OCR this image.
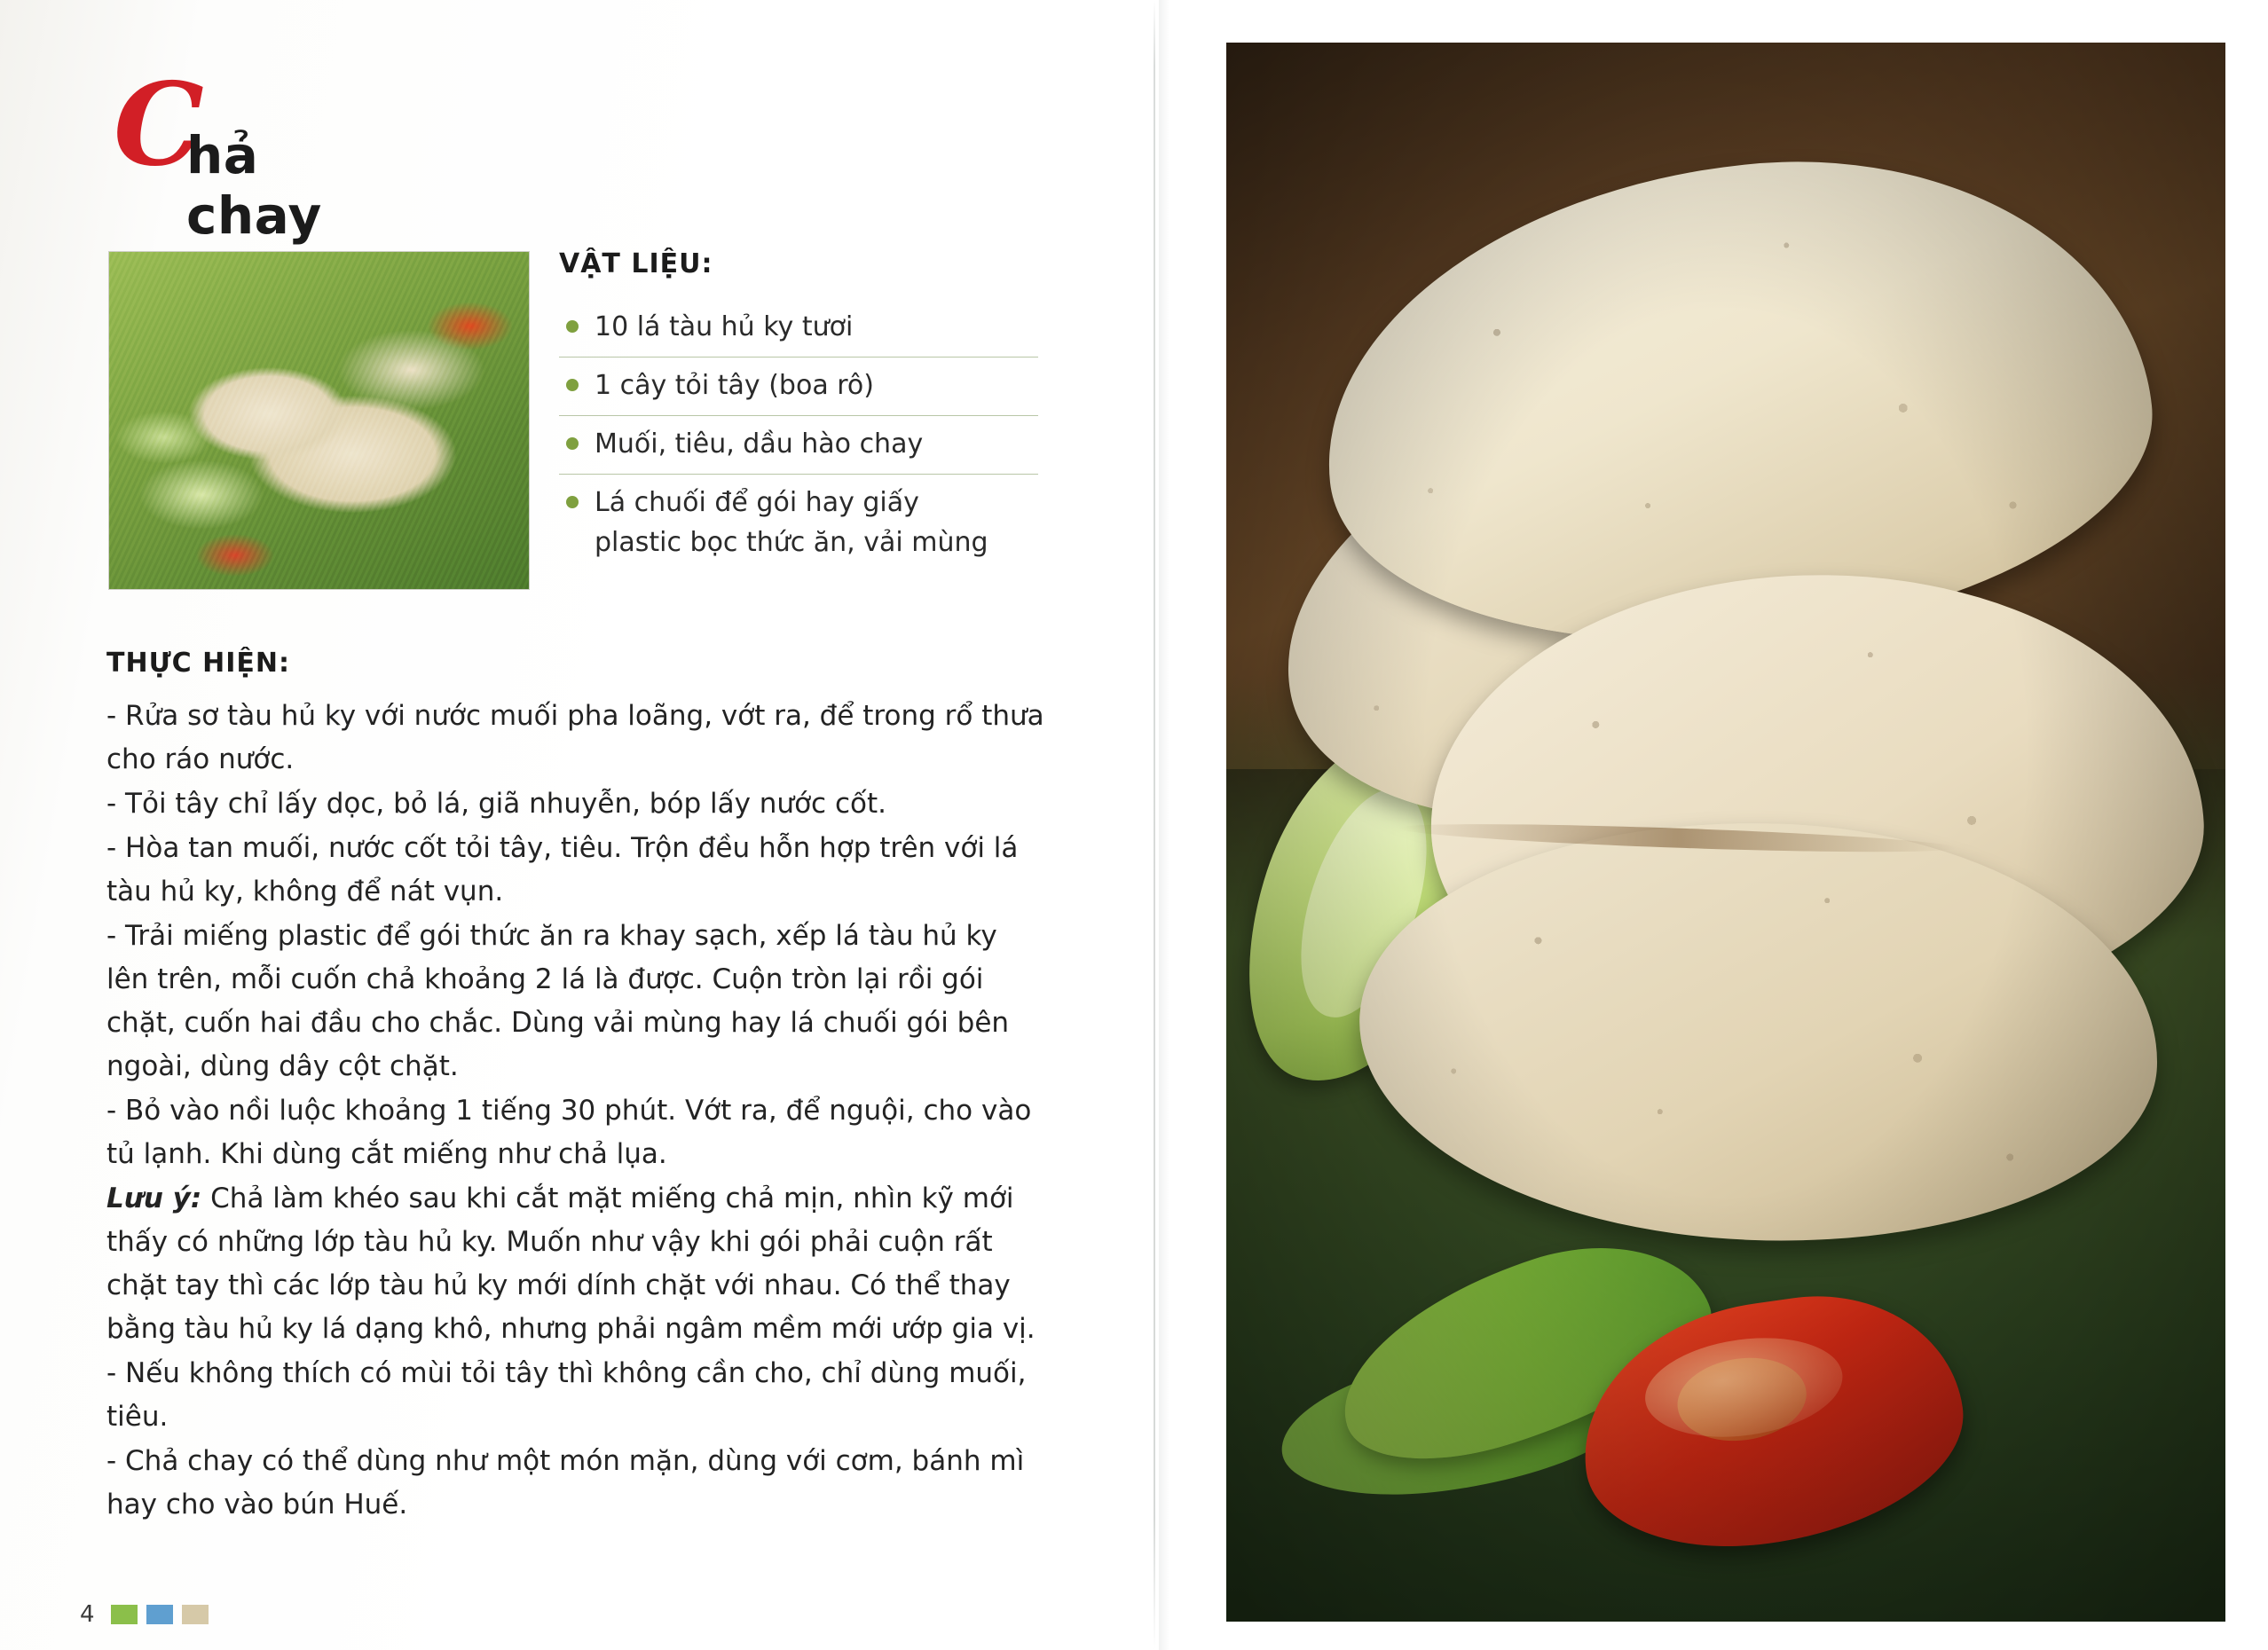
C
hả chay
VẬT LIỆU:
10 lá tàu hủ ky tươi
1 cây tỏi tây (boa rô)
Muối, tiêu, dầu hào chay
Lá chuối để gói hay giấy
plastic bọc thức ăn, vải mùng
THỰC HIỆN:

- Rửa sơ tàu hủ ky với nước muối pha loãng, vớt ra, để trong rổ thưa cho ráo nước.

- Tỏi tây chỉ lấy dọc, bỏ lá, giã nhuyễn, bóp lấy nước cốt.

- Hòa tan muối, nước cốt tỏi tây, tiêu. Trộn đều hỗn hợp trên với lá tàu hủ ky, không để nát vụn.

- Trải miếng plastic để gói thức ăn ra khay sạch, xếp lá tàu hủ ky lên trên, mỗi cuốn chả khoảng 2 lá là được. Cuộn tròn lại rồi gói chặt, cuốn hai đầu cho chắc. Dùng vải mùng hay lá chuối gói bên ngoài, dùng dây cột chặt.

- Bỏ vào nồi luộc khoảng 1 tiếng 30 phút. Vớt ra, để nguội, cho vào tủ lạnh. Khi dùng cắt miếng như chả lụa.

Lưu ý: Chả làm khéo sau khi cắt mặt miếng chả mịn, nhìn kỹ mới thấy có những lớp tàu hủ ky. Muốn như vậy khi gói phải cuộn rất chặt tay thì các lớp tàu hủ ky mới dính chặt với nhau. Có thể thay bằng tàu hủ ky lá dạng khô, nhưng phải ngâm mềm mới ướp gia vị.

- Nếu không thích có mùi tỏi tây thì không cần cho, chỉ dùng muối, tiêu.

- Chả chay có thể dùng như một món mặn, dùng với cơm, bánh mì hay cho vào bún Huế.

4
